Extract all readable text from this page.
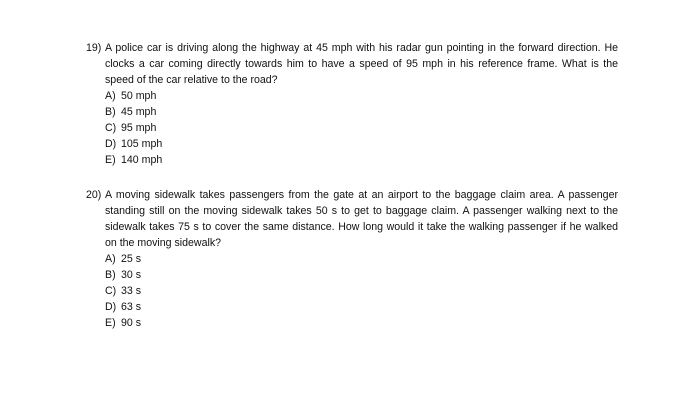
19) A police car is driving along the highway at 45 mph with his radar gun pointing in the forward direction. He clocks a car coming directly towards him to have a speed of 95 mph in his reference frame. What is the speed of the car relative to the road?

A) 50 mph
B) 45 mph
C) 95 mph
D) 105 mph
E) 140 mph

20) A moving sidewalk takes passengers from the gate at an airport to the baggage claim area. A passenger standing still on the moving sidewalk takes 50 s to get to baggage claim. A passenger walking next to the sidewalk takes 75 s to cover the same distance. How long would it take the walking passenger if he walked on the moving sidewalk?

A) 25 s
B) 30 s
C) 33 s
D) 63 s
E) 90 s
